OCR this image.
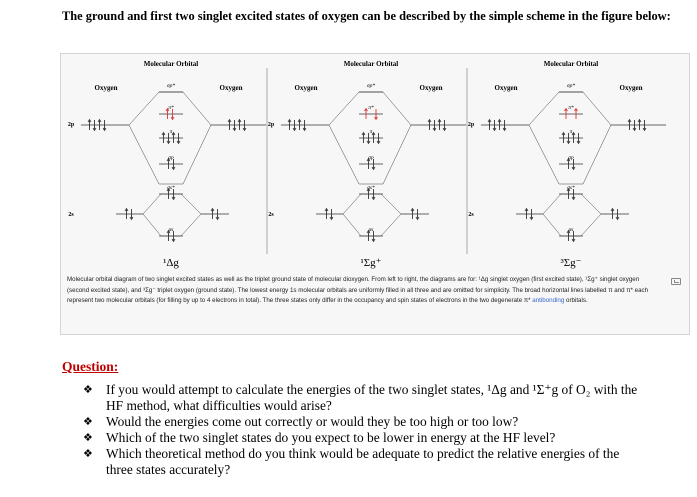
The ground and first two singlet excited states of oxygen can be described by the simple scheme in the figure below:
Molecular Orbital
Oxygen	Oxygen
2p
2s
σp*
π*
π
σp
σs*
σs
¹Δg
Molecular Orbital
Oxygen	Oxygen
2p
2s
σp*
π*
π
σp
σs*
σs
¹Σg⁺
Molecular Orbital
Oxygen	Oxygen
2p
2s
σp*
π*
π
σp
σs*
σs
³Σg⁻
Molecular orbital diagram of two singlet excited states as well as the triplet ground state of molecular dioxygen. From left to right, the diagrams are for: ¹Δg singlet oxygen (first excited state), ¹Σg⁺ singlet oxygen (second excited state), and ³Σg⁻ triplet oxygen (ground state). The lowest energy 1s molecular orbitals are uniformly filled in all three and are omitted for simplicity. The broad horizontal lines labelled π and π* each represent two molecular orbitals (for filling by up to 4 electrons in total). The three states only differ in the occupancy and spin states of electrons in the two degenerate π* antibonding orbitals.
Question:
❖ If you would attempt to calculate the energies of the two singlet states, ¹Δg and ¹Σ⁺g of O₂ with the HF method, what difficulties would arise?
❖ Would the energies come out correctly or would they be too high or too low?
❖ Which of the two singlet states do you expect to be lower in energy at the HF level?
❖ Which theoretical method do you think would be adequate to predict the relative energies of the three states accurately?
